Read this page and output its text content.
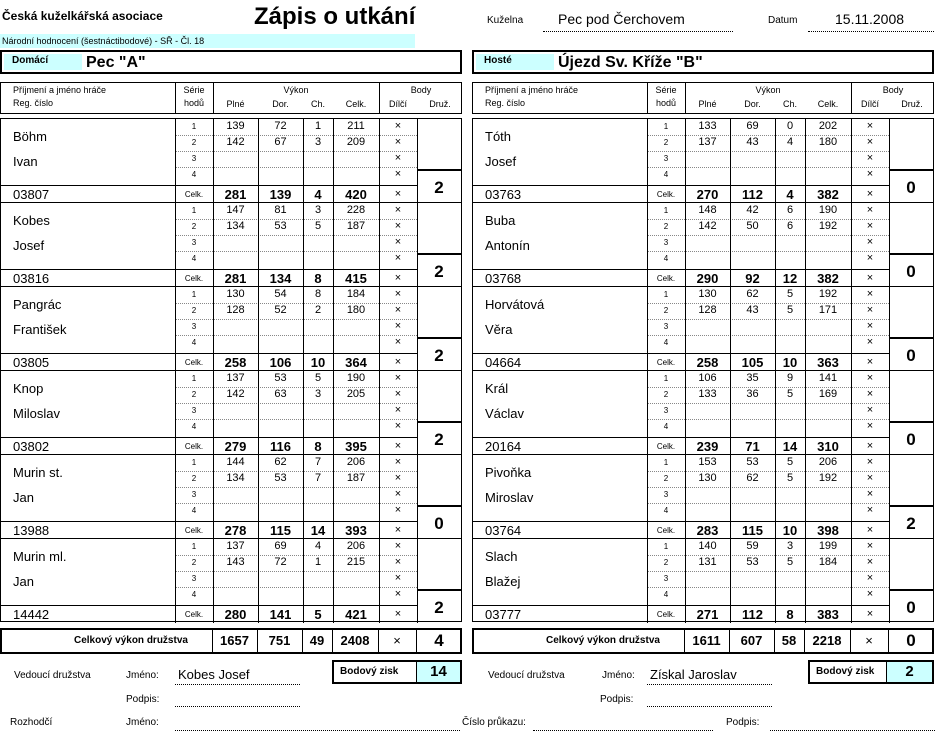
Česká kuželkářská asociace	Zápis o utkání	Kuželna Pec pod Čerchovem	Datum	15.11.2008
Národní hodnocení (šestnáctibodové) - SŘ - Čl. 18
Domácí	Pec "A"
Příjmení a jméno hráče
Reg. číslo
Série
hodů
Výkon
Plné	Dor.	Ch.	Celk.
Body
Dílčí	Druž.
Böhm
Ivan
03807
1	139	72	1	211	×
2	142	67	3	209	×
3	×
4	×
Celk.	281	139	4	420	×	2
Kobes
Josef
03816
1	147	81	3	228	×
2	134	53	5	187	×
3	×
4	×
Celk.	281	134	8	415	×	2
Pangrác
František
03805
1	130	54	8	184	×
2	128	52	2	180	×
3	×
4	×
Celk.	258	106	10	364	×	2
Knop
Miloslav
03802
1	137	53	5	190	×
2	142	63	3	205	×
3	×
4	×
Celk.	279	116	8	395	×	2
Murin st.
Jan
13988
1	144	62	7	206	×
2	134	53	7	187	×
3	×
4	×
Celk.	278	115	14	393	×	0
Murin ml.
Jan
14442
1	137	69	4	206	×
2	143	72	1	215	×
3	×
4	×
Celk.	280	141	5	421	×	2
Celkový výkon družstva	1657	751	49	2408	×	4
Vedoucí družstva	Jméno: Kobes Josef
Podpis:
Bodový zisk	14
Hosté	Újezd Sv. Kříže "B"
Příjmení a jméno hráče
Reg. číslo
Série
hodů
Výkon
Plné	Dor.	Ch.	Celk.
Body
Dílčí	Druž.
Tóth
Josef
03763
1	133	69	0	202	×
2	137	43	4	180	×
3	×
4	×
Celk.	270	112	4	382	×	0
Buba
Antonín
03768
1	148	42	6	190	×
2	142	50	6	192	×
3	×
4	×
Celk.	290	92	12	382	×	0
Horvátová
Věra
04664
1	130	62	5	192	×
2	128	43	5	171	×
3	×
4	×
Celk.	258	105	10	363	×	0
Král
Václav
20164
1	106	35	9	141	×
2	133	36	5	169	×
3	×
4	×
Celk.	239	71	14	310	×	0
Pivoňka
Miroslav
03764
1	153	53	5	206	×
2	130	62	5	192	×
3	×
4	×
Celk.	283	115	10	398	×	2
Slach
Blažej
03777
1	140	59	3	199	×
2	131	53	5	184	×
3	×
4	×
Celk.	271	112	8	383	×	0
Celkový výkon družstva	1611	607	58	2218	×	0
Vedoucí družstva	Jméno: Získal Jaroslav
Podpis:
Bodový zisk	2
Rozhodčí	Jméno:	Číslo průkazu:	Podpis:
